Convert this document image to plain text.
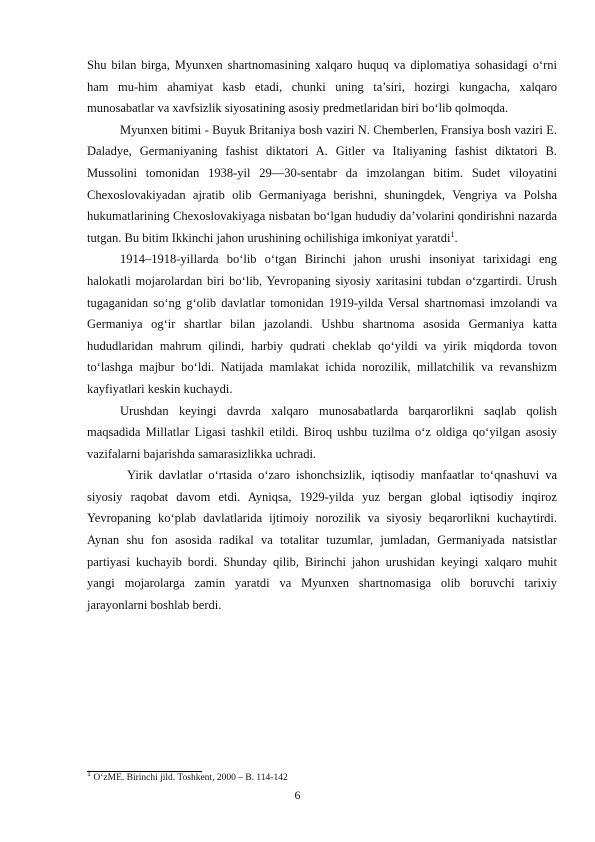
Shu bilan birga, Myunxen shartnomasining xalqaro huquq va diplomatiya sohasidagi o‘rni ham mu-him ahamiyat kasb etadi, chunki uning ta’siri, hozirgi kungacha, xalqaro munosabatlar va xavfsizlik siyosatining asosiy predmetlaridan biri bo‘lib qolmoqda.

Myunxen bitimi - Buyuk Britaniya bosh vaziri N. Chemberlen, Fransiya bosh vaziri E. Daladye, Germaniyaning fashist diktatori A. Gitler va Italiyaning fashist diktatori B. Mussolini tomonidan 1938-yil 29—30-sentabr da imzolangan bitim. Sudet viloyatini Chexoslovakiyadan ajratib olib Germaniyaga berishni, shuningdek, Vengriya va Polsha hukumatlarining Chexoslovakiyaga nisbatan bo‘lgan hududiy da’volarini qondirishni nazarda tutgan. Bu bitim Ikkinchi jahon urushining ochilishiga imkoniyat yaratdi$^1$.

1914–1918-yillarda bo‘lib o‘tgan Birinchi jahon urushi insoniyat tarixidagi eng halokatli mojarolardan biri bo‘lib, Yevropaning siyosiy xaritasini tubdan o‘zgartirdi. Urush tugaganidan so‘ng g‘olib davlatlar tomonidan 1919-yilda Versal shartnomasi imzolandi va Germaniya og‘ir shartlar bilan jazolandi. Ushbu shartnoma asosida Germaniya katta hududlaridan mahrum qilindi, harbiy qudrati cheklab qo‘yildi va yirik miqdorda tovon to‘lashga majbur bo‘ldi. Natijada mamlakat ichida norozilik, millatchilik va revanshizm kayfiyatlari keskin kuchaydi.

Urushdan keyingi davrda xalqaro munosabatlarda barqarorlikni saqlab qolish maqsadida Millatlar Ligasi tashkil etildi. Biroq ushbu tuzilma o‘z oldiga qo‘yilgan asosiy vazifalarni bajarishda samarasizlikka uchradi.

Yirik davlatlar o‘rtasida o‘zaro ishonchsizlik, iqtisodiy manfaatlar to‘qnashuvi va siyosiy raqobat davom etdi. Ayniqsa, 1929-yilda yuz bergan global iqtisodiy inqiroz Yevropaning ko‘plab davlatlarida ijtimoiy norozilik va siyosiy beqarorlikni kuchaytirdi. Aynan shu fon asosida radikal va totalitar tuzumlar, jumladan, Germaniyada natsistlar partiyasi kuchayib bordi. Shunday qilib, Birinchi jahon urushidan keyingi xalqaro muhit yangi mojarolarga zamin yaratdi va Myunxen shartnomasiga olib boruvchi tarixiy jarayonlarni boshlab berdi.

$^1$ O‘zME. Birinchi jild. Toshkent, 2000 – B. 114-142
6
